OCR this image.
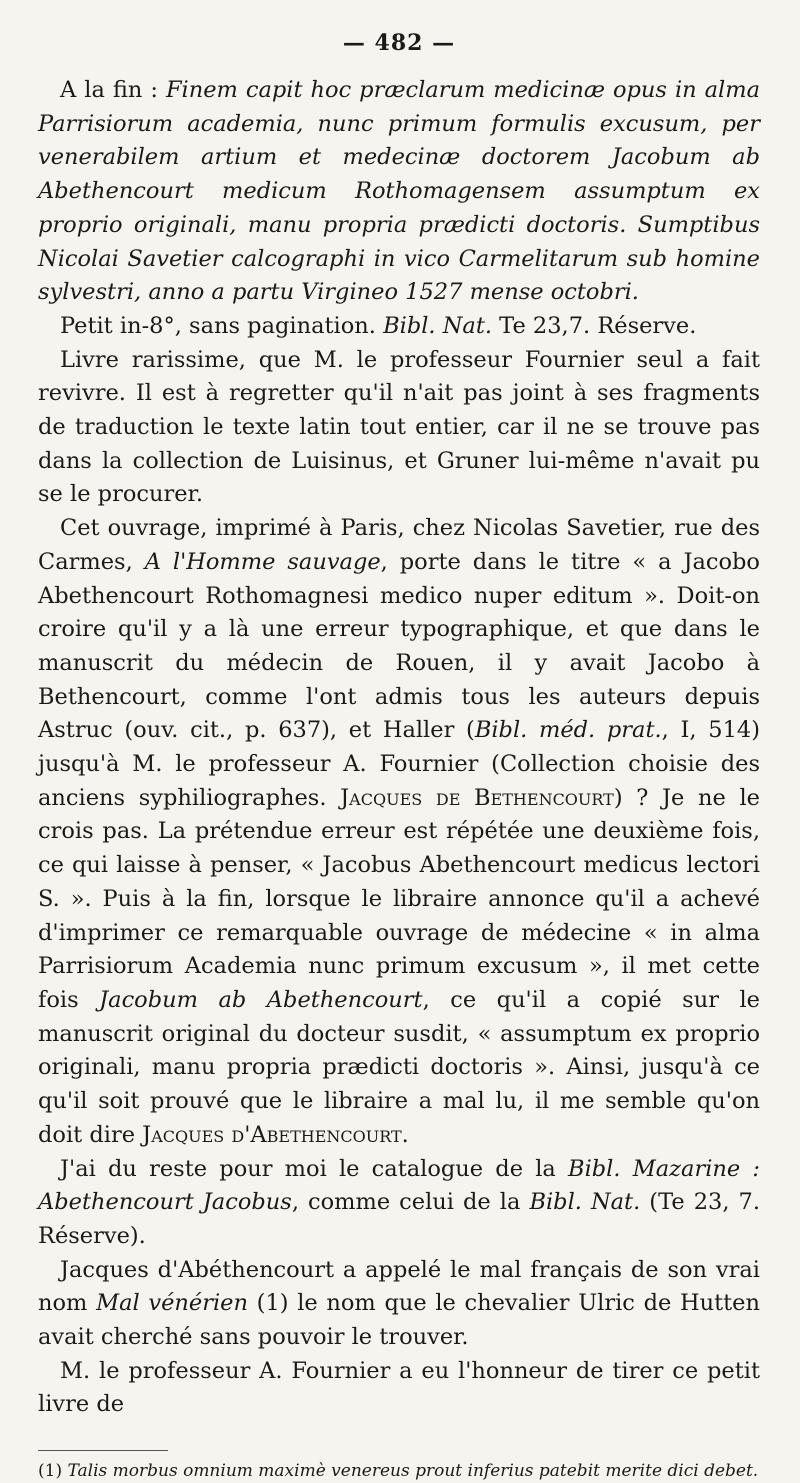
— 482 —

A la fin : Finem capit hoc præclarum medicinæ opus in alma Parrisiorum academia, nunc primum formulis excusum, per venerabilem artium et medecinæ doctorem Jacobum ab Abethencourt medicum Rothomagensem assumptum ex proprio originali, manu propria prædicti doctoris. Sumptibus Nicolai Savetier calcographi in vico Carmelitarum sub homine sylvestri, anno a partu Virgineo 1527 mense octobri.

Petit in-8°, sans pagination. Bibl. Nat. Te 23,7. Réserve.

Livre rarissime, que M. le professeur Fournier seul a fait revivre. Il est à regretter qu'il n'ait pas joint à ses fragments de traduction le texte latin tout entier, car il ne se trouve pas dans la collection de Luisinus, et Gruner lui-même n'avait pu se le procurer.

Cet ouvrage, imprimé à Paris, chez Nicolas Savetier, rue des Carmes, A l'Homme sauvage, porte dans le titre « a Jacobo Abethencourt Rothomagnesi medico nuper editum ». Doit-on croire qu'il y a là une erreur typographique, et que dans le manuscrit du médecin de Rouen, il y avait Jacobo à Bethencourt, comme l'ont admis tous les auteurs depuis Astruc (ouv. cit., p. 637), et Haller (Bibl. méd. prat., I, 514) jusqu'à M. le professeur A. Fournier (Collection choisie des anciens syphiliographes. Jacques de Bethencourt) ? Je ne le crois pas. La prétendue erreur est répétée une deuxième fois, ce qui laisse à penser, « Jacobus Abethencourt medicus lectori S. ». Puis à la fin, lorsque le libraire annonce qu'il a achevé d'imprimer ce remarquable ouvrage de médecine « in alma Parrisiorum Academia nunc primum excusum », il met cette fois Jacobum ab Abethencourt, ce qu'il a copié sur le manuscrit original du docteur susdit, « assumptum ex proprio originali, manu propria prædicti doctoris ». Ainsi, jusqu'à ce qu'il soit prouvé que le libraire a mal lu, il me semble qu'on doit dire Jacques d'Abethencourt.

J'ai du reste pour moi le catalogue de la Bibl. Mazarine : Abethencourt Jacobus, comme celui de la Bibl. Nat. (Te 23, 7. Réserve).

Jacques d'Abéthencourt a appelé le mal français de son vrai nom Mal vénérien (1) le nom que le chevalier Ulric de Hutten avait cherché sans pouvoir le trouver.

M. le professeur A. Fournier a eu l'honneur de tirer ce petit livre de

(1) Talis morbus omnium maximè venereus prout inferius patebit merite dici debet.
